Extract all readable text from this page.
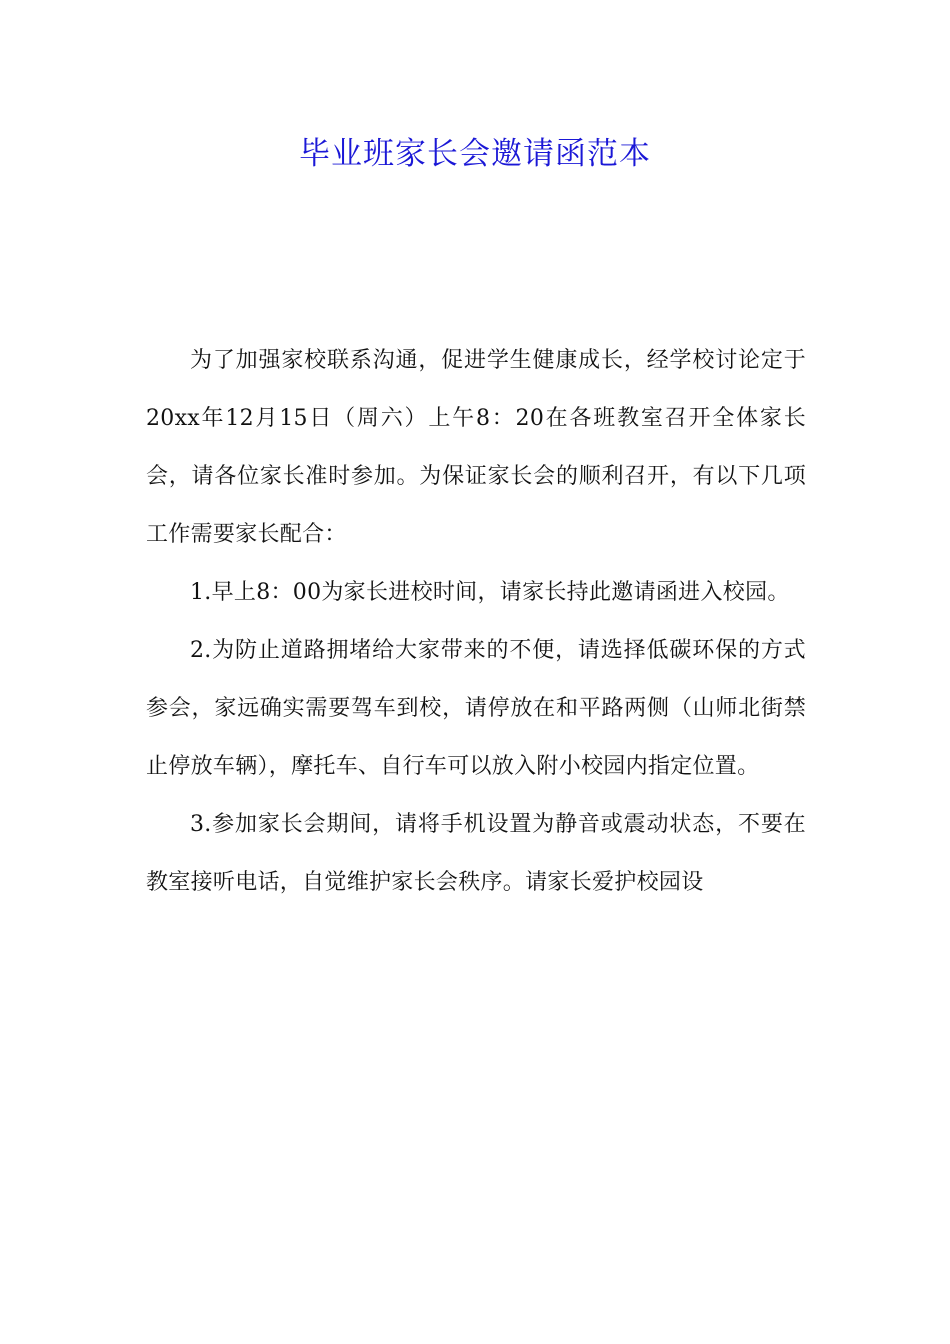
毕业班家长会邀请函范本

为了加强家校联系沟通，促进学生健康成长，经学校讨论定于20xx年12月15日（周六）上午8：20在各班教室召开全体家长会，请各位家长准时参加。为保证家长会的顺利召开，有以下几项工作需要家长配合：

1.早上8：00为家长进校时间，请家长持此邀请函进入校园。

2.为防止道路拥堵给大家带来的不便，请选择低碳环保的方式参会，家远确实需要驾车到校，请停放在和平路两侧（山师北街禁止停放车辆），摩托车、自行车可以放入附小校园内指定位置。

3.参加家长会期间，请将手机设置为静音或震动状态，不要在教室接听电话，自觉维护家长会秩序。请家长爱护校园设
